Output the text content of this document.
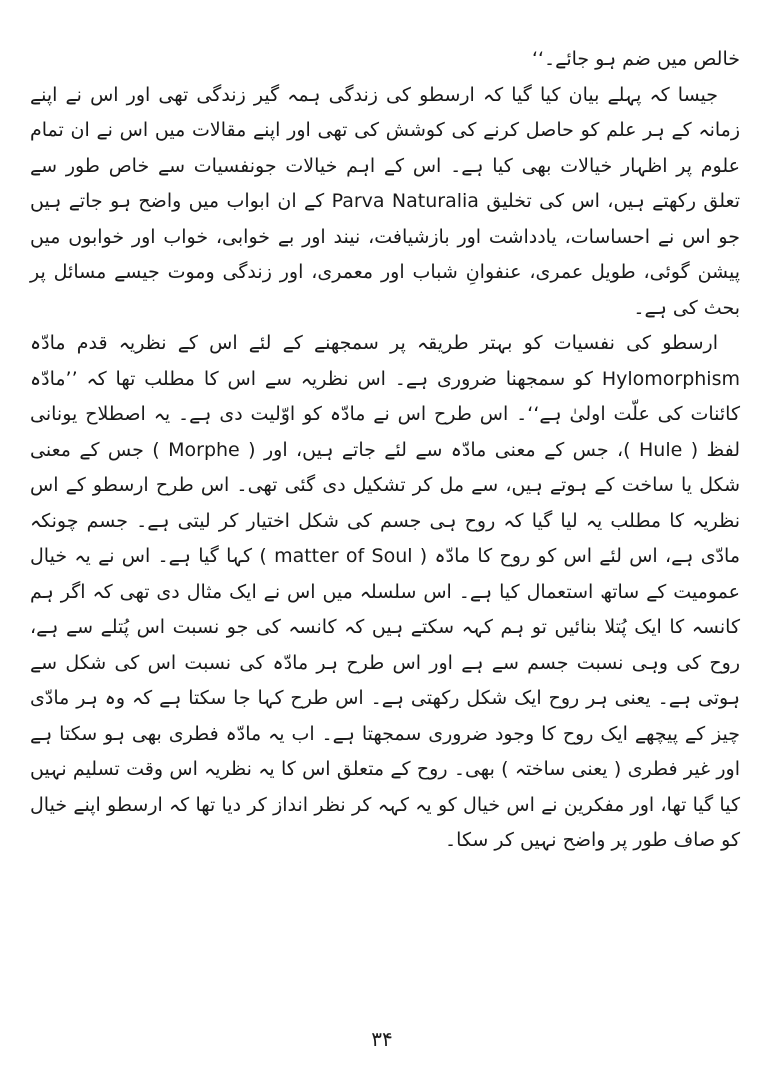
خالص میں ضم ہو جائے۔‘‘

جیسا کہ پہلے بیان کیا گیا کہ ارسطو کی زندگی ہمہ گیر زندگی تھی اور اس نے اپنے زمانہ کے ہر علم کو حاصل کرنے کی کوشش کی تھی اور اپنے مقالات میں اس نے ان تمام علوم پر اظہار خیالات بھی کیا ہے۔ اس کے اہم خیالات جونفسیات سے خاص طور سے تعلق رکھتے ہیں، اس کی تخلیق Parva Naturalia کے ان ابواب میں واضح ہو جاتے ہیں جو اس نے احساسات، یادداشت اور بازشیافت، نیند اور بے خوابی، خواب اور خوابوں میں پیشن گوئی، طویل عمری، عنفوانِ شباب اور معمری، اور زندگی وموت جیسے مسائل پر بحث کی ہے۔

ارسطو کی نفسیات کو بہتر طریقہ پر سمجھنے کے لئے اس کے نظریہ قدم مادّہ Hylomorphism کو سمجھنا ضروری ہے۔ اس نظریہ سے اس کا مطلب تھا کہ ’’مادّہ کائنات کی علّت اولیٰ ہے‘‘۔ اس طرح اس نے مادّہ کو اوّلیت دی ہے۔ یہ اصطلاح یونانی لفظ ( Hule )، جس کے معنی مادّہ سے لئے جاتے ہیں، اور ( Morphe ) جس کے معنی شکل یا ساخت کے ہوتے ہیں، سے مل کر تشکیل دی گئی تھی۔ اس طرح ارسطو کے اس نظریہ کا مطلب یہ لیا گیا کہ روح ہی جسم کی شکل اختیار کر لیتی ہے۔ جسم چونکہ مادّی ہے، اس لئے اس کو روح کا مادّہ ( matter of Soul ) کہا گیا ہے۔ اس نے یہ خیال عمومیت کے ساتھ استعمال کیا ہے۔ اس سلسلہ میں اس نے ایک مثال دی تھی کہ اگر ہم کانسہ کا ایک پُتلا بنائیں تو ہم کہہ سکتے ہیں کہ کانسہ کی جو نسبت اس پُتلے سے ہے، روح کی وہی نسبت جسم سے ہے اور اس طرح ہر مادّہ کی نسبت اس کی شکل سے ہوتی ہے۔ یعنی ہر روح ایک شکل رکھتی ہے۔ اس طرح کہا جا سکتا ہے کہ وہ ہر مادّی چیز کے پیچھے ایک روح کا وجود ضروری سمجھتا ہے۔ اب یہ مادّہ فطری بھی ہو سکتا ہے اور غیر فطری ( یعنی ساختہ ) بھی۔ روح کے متعلق اس کا یہ نظریہ اس وقت تسلیم نہیں کیا گیا تھا، اور مفکرین نے اس خیال کو یہ کہہ کر نظر انداز کر دیا تھا کہ ارسطو اپنے خیال کو صاف طور پر واضح نہیں کر سکا۔

۳۴
